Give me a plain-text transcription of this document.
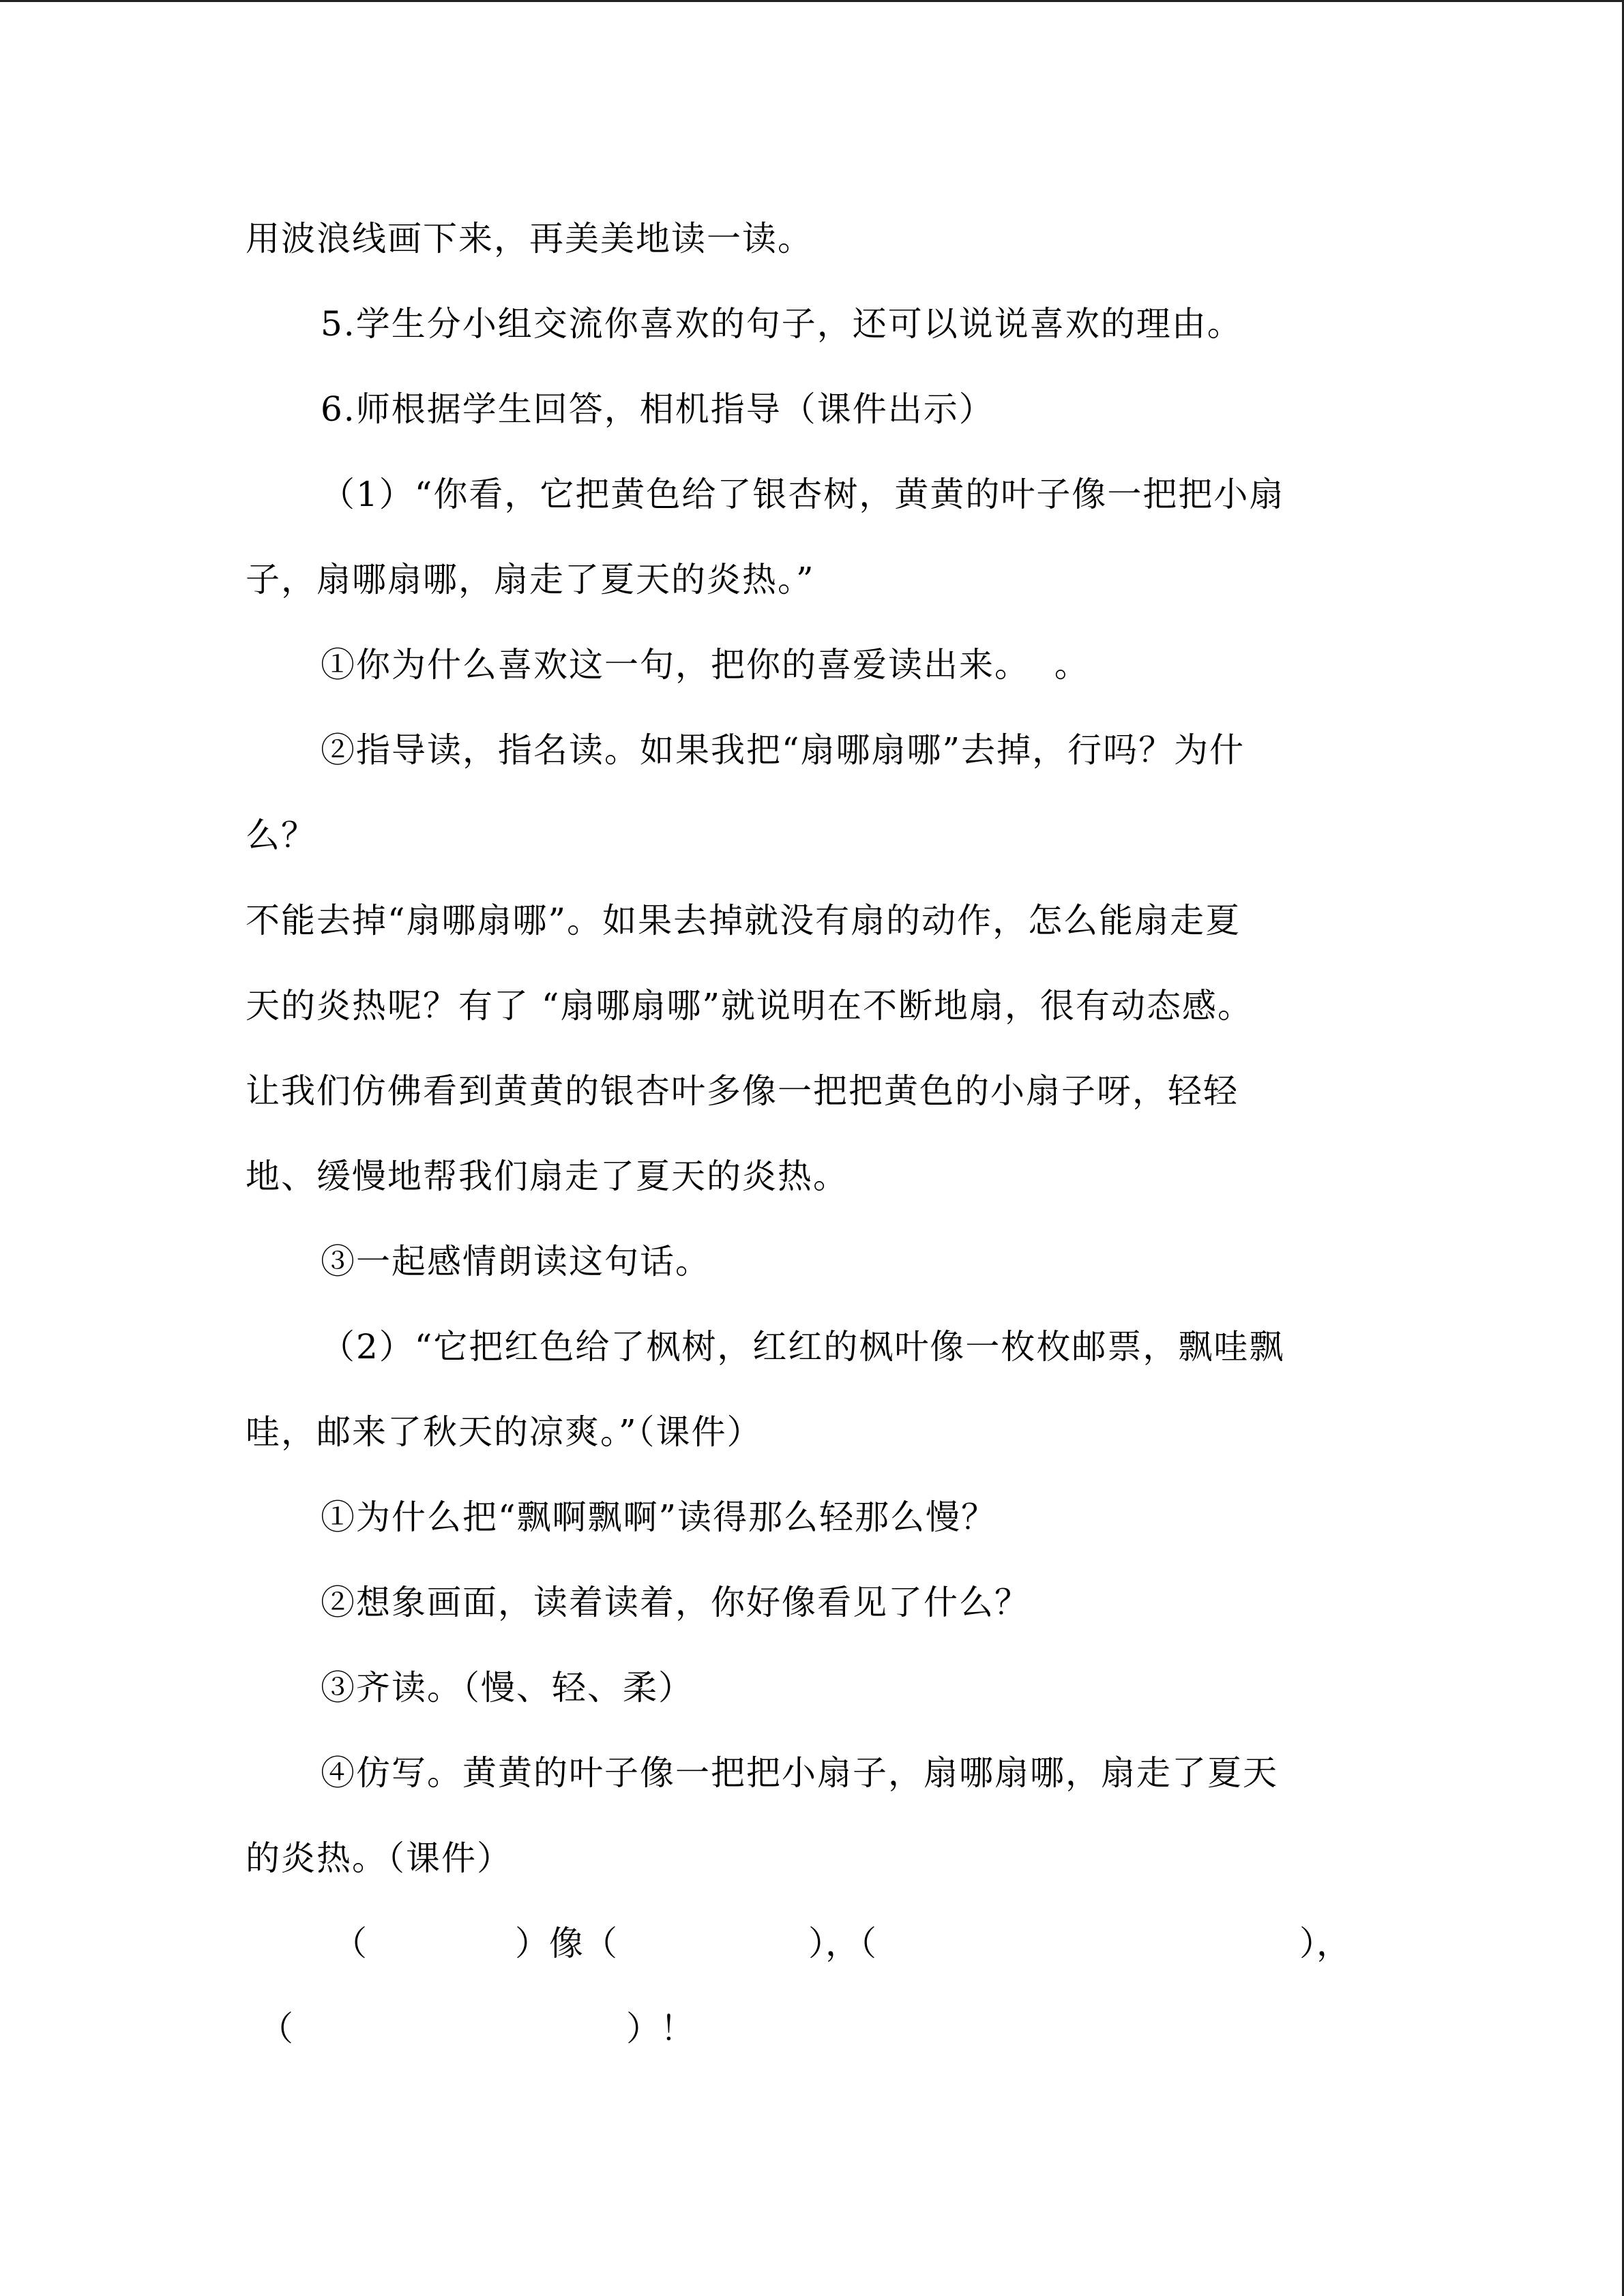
用波浪线画下来，再美美地读一读。
5.学生分小组交流你喜欢的句子，还可以说说喜欢的理由。
6.师根据学生回答，相机指导（课件出示）
（1）“你看，它把黄色给了银杏树，黄黄的叶子像一把把小扇
子，扇哪扇哪，扇走了夏天的炎热。”
①你为什么喜欢这一句，把你的喜爱读出来。  。
②指导读，指名读。如果我把“扇哪扇哪”去掉，行吗？为什
么？
不能去掉“扇哪扇哪”。如果去掉就没有扇的动作，怎么能扇走夏
天的炎热呢？有了 “扇哪扇哪”就说明在不断地扇，很有动态感。
让我们仿佛看到黄黄的银杏叶多像一把把黄色的小扇子呀，轻轻
地、缓慢地帮我们扇走了夏天的炎热。
③一起感情朗读这句话。
（2）“它把红色给了枫树，红红的枫叶像一枚枚邮票，飘哇飘
哇，邮来了秋天的凉爽。”（课件）
①为什么把“飘啊飘啊”读得那么轻那么慢？
②想象画面，读着读着，你好像看见了什么？
③齐读。（慢、轻、柔）
④仿写。黄黄的叶子像一把把小扇子，扇哪扇哪，扇走了夏天
的炎热。（课件）
（	）像（	），（	），
（	）！
